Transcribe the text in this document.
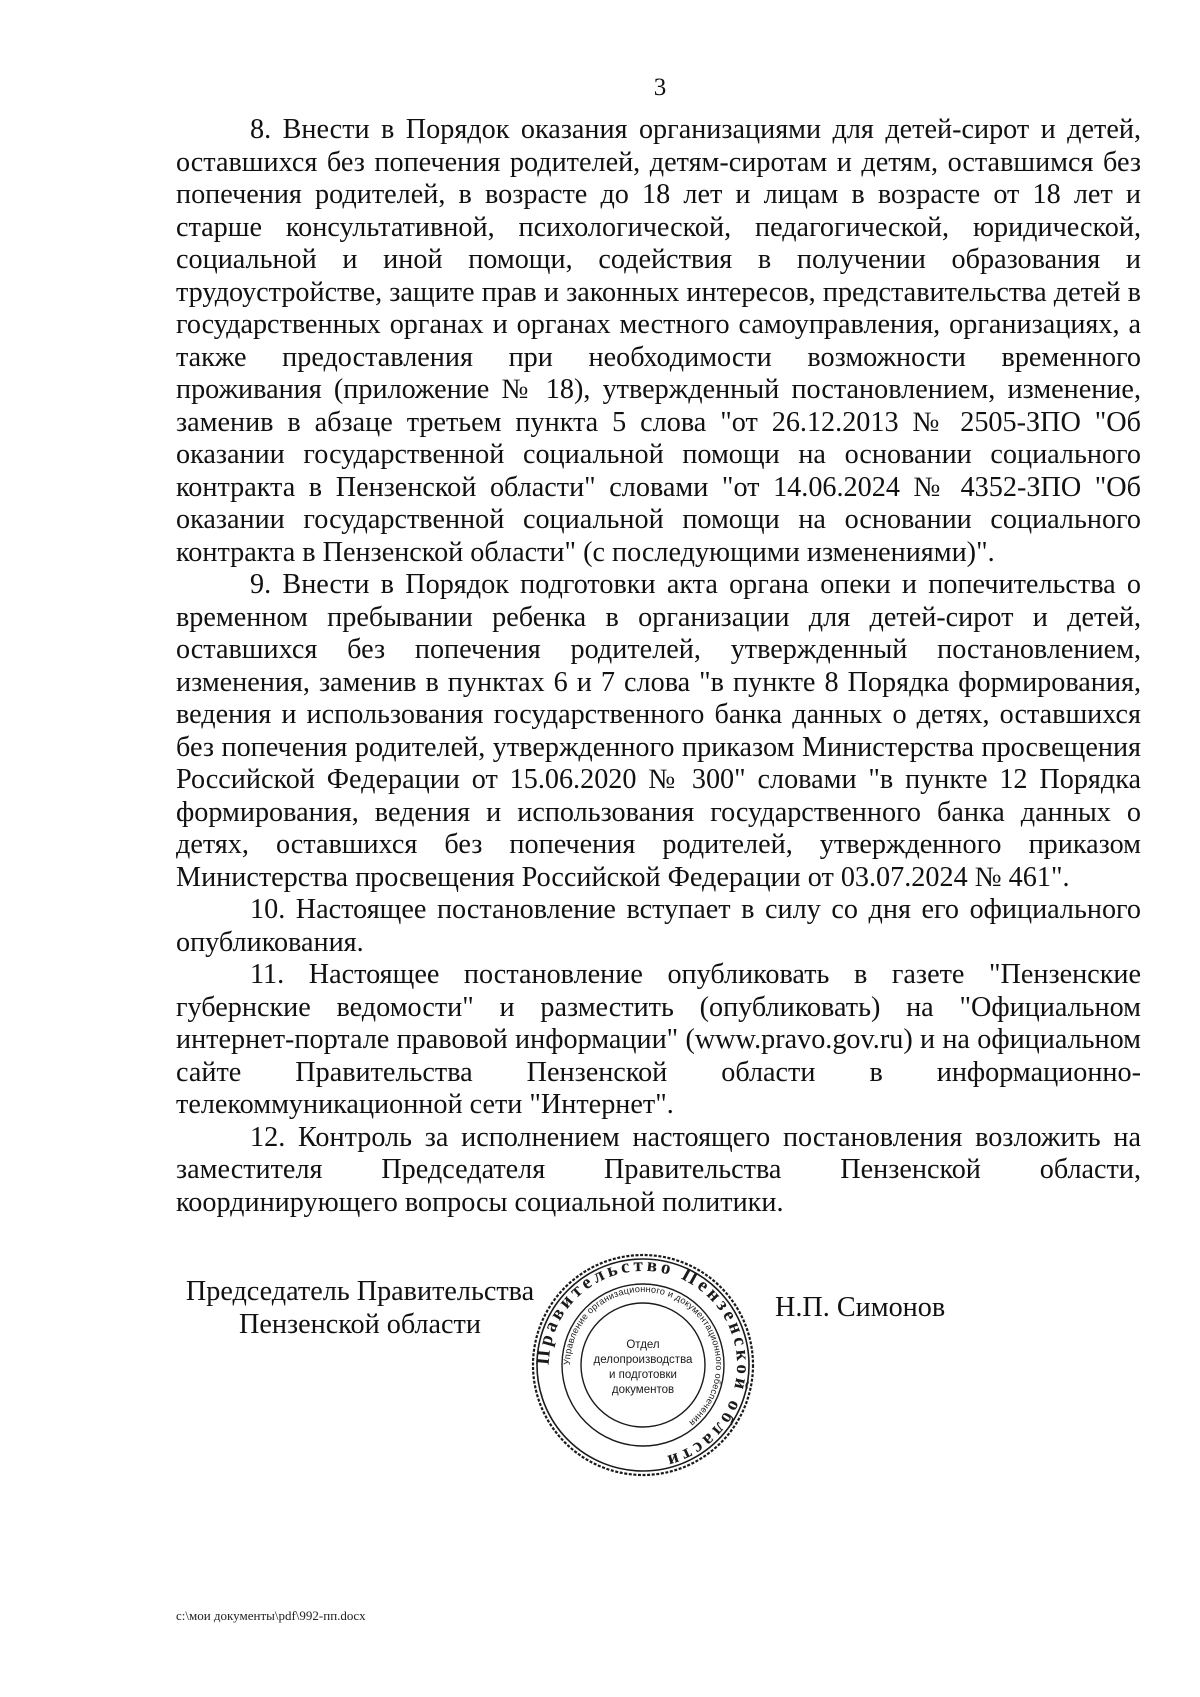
3

8. Внести в Порядок оказания организациями для детей-сирот и детей, оставшихся без попечения родителей, детям-сиротам и детям, оставшимся без попечения родителей, в возрасте до 18 лет и лицам в возрасте от 18 лет и старше консультативной, психологической, педагогической, юридической, социальной и иной помощи, содействия в получении образования и трудоустройстве, защите прав и законных интересов, представительства детей в государственных органах и органах местного самоуправления, организациях, а также предоставления при необходимости возможности временного проживания (приложение № 18), утвержденный постановлением, изменение, заменив в абзаце третьем пункта 5 слова "от 26.12.2013 № 2505-ЗПО "Об оказании государственной социальной помощи на основании социального контракта в Пензенской области" словами "от 14.06.2024 № 4352-ЗПО "Об оказании государственной социальной помощи на основании социального контракта в Пензенской области" (с последующими изменениями)".

9. Внести в Порядок подготовки акта органа опеки и попечительства о временном пребывании ребенка в организации для детей-сирот и детей, оставшихся без попечения родителей, утвержденный постановлением, изменения, заменив в пунктах 6 и 7 слова "в пункте 8 Порядка формирования, ведения и использования государственного банка данных о детях, оставшихся без попечения родителей, утвержденного приказом Министерства просвещения Российской Федерации от 15.06.2020 № 300" словами "в пункте 12 Порядка формирования, ведения и использования государственного банка данных о детях, оставшихся без попечения родителей, утвержденного приказом Министерства просвещения Российской Федерации от 03.07.2024 № 461".

10. Настоящее постановление вступает в силу со дня его официального опубликования.

11. Настоящее постановление опубликовать в газете "Пензенские губернские ведомости" и разместить (опубликовать) на "Официальном интернет-портале правовой информации" (www.pravo.gov.ru) и на официальном сайте Правительства Пензенской области в информационно-телекоммуникационной сети "Интернет".

12. Контроль за исполнением настоящего постановления возложить на заместителя Председателя Правительства Пензенской области, координирующего вопросы социальной политики.

Председатель Правительства
Пензенской области
Правительство Пензенской области
Управление организационного и документационного обеспечения
Отдел
делопроизводства
и подготовки
документов
Н.П. Симонов
c:\мои документы\pdf\992-пп.docx
